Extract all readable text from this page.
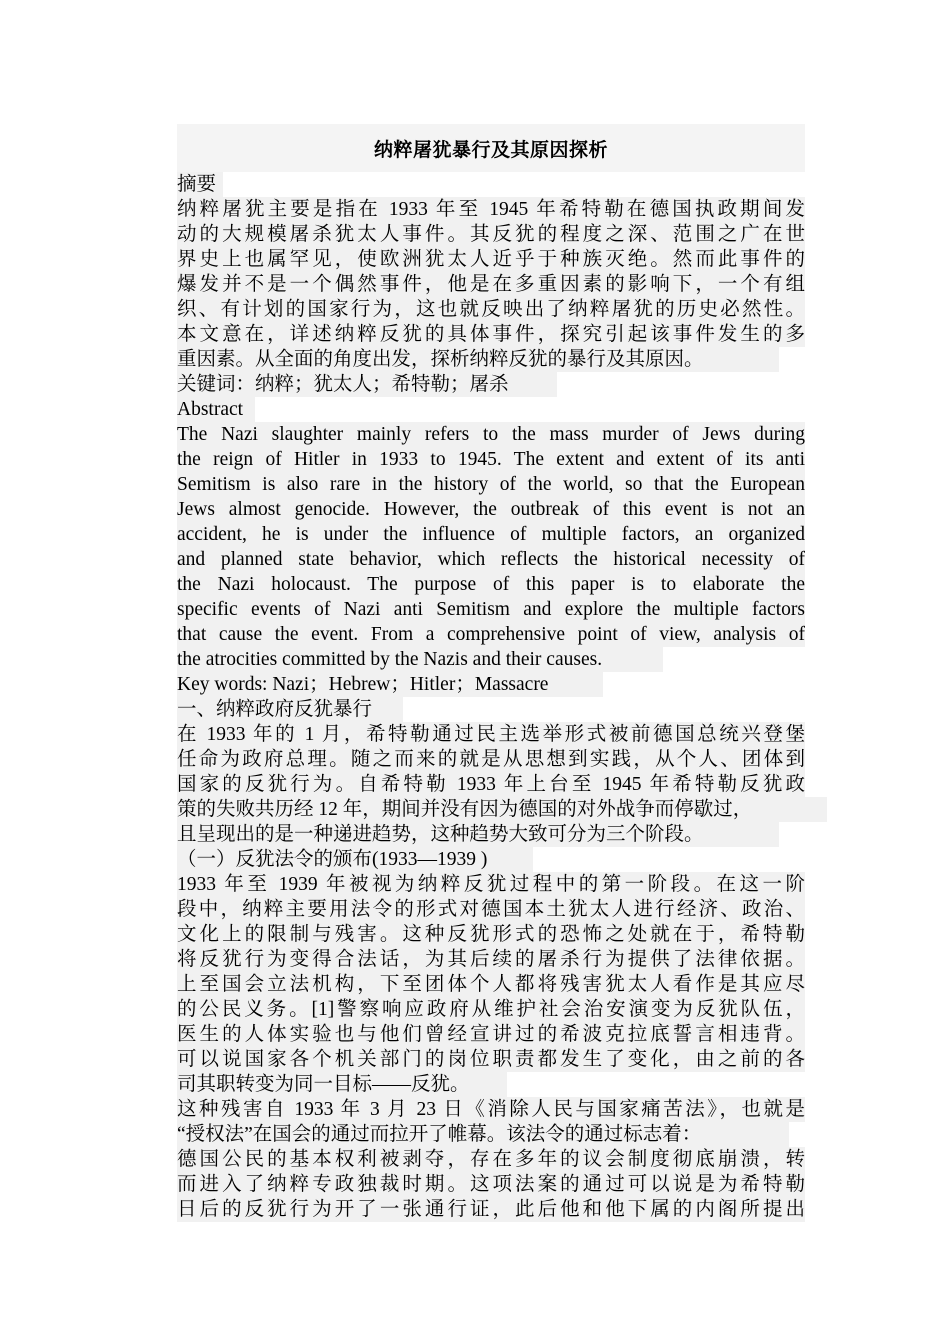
纳粹屠犹暴行及其原因探析
摘要
纳粹屠犹主要是指在 1933 年至 1945 年希特勒在德国执政期间发
动的大规模屠杀犹太人事件。其反犹的程度之深、范围之广在世
界史上也属罕见，使欧洲犹太人近乎于种族灭绝。然而此事件的
爆发并不是一个偶然事件，他是在多重因素的影响下，一个有组
织、有计划的国家行为，这也就反映出了纳粹屠犹的历史必然性。
本文意在，详述纳粹反犹的具体事件，探究引起该事件发生的多
重因素。从全面的角度出发，探析纳粹反犹的暴行及其原因。
关键词：纳粹；犹太人；希特勒；屠杀
Abstract
The Nazi slaughter mainly refers to the mass murder of Jews during
the reign of Hitler in 1933 to 1945. The extent and extent of its anti
Semitism is also rare in the history of the world, so that the European
Jews almost genocide. However, the outbreak of this event is not an
accident, he is under the influence of multiple factors, an organized
and planned state behavior, which reflects the historical necessity of
the Nazi holocaust. The purpose of this paper is to elaborate the
specific events of Nazi anti Semitism and explore the multiple factors
that cause the event. From a comprehensive point of view, analysis of
the atrocities committed by the Nazis and their causes.
Key words: Nazi；Hebrew；Hitler；Massacre
一、纳粹政府反犹暴行
在 1933 年的 1 月，希特勒通过民主选举形式被前德国总统兴登堡
任命为政府总理。随之而来的就是从思想到实践，从个人、团体到
国家的反犹行为。自希特勒 1933 年上台至 1945 年希特勒反犹政
策的失败共历经 12 年，期间并没有因为德国的对外战争而停歇过，
且呈现出的是一种递进趋势，这种趋势大致可分为三个阶段。
（一）反犹法令的颁布(1933—1939 )
1933 年至 1939 年被视为纳粹反犹过程中的第一阶段。在这一阶
段中，纳粹主要用法令的形式对德国本土犹太人进行经济、政治、
文化上的限制与残害。这种反犹形式的恐怖之处就在于，希特勒
将反犹行为变得合法话，为其后续的屠杀行为提供了法律依据。
上至国会立法机构，下至团体个人都将残害犹太人看作是其应尽
的公民义务。[1]警察响应政府从维护社会治安演变为反犹队伍，
医生的人体实验也与他们曾经宣讲过的希波克拉底誓言相违背。
可以说国家各个机关部门的岗位职责都发生了变化，由之前的各
司其职转变为同一目标——反犹。
这种残害自 1933 年 3 月 23 日《消除人民与国家痛苦法》，也就是
“授权法”在国会的通过而拉开了帷幕。该法令的通过标志着：
德国公民的基本权利被剥夺，存在多年的议会制度彻底崩溃，转
而进入了纳粹专政独裁时期。这项法案的通过可以说是为希特勒
日后的反犹行为开了一张通行证，此后他和他下属的内阁所提出
